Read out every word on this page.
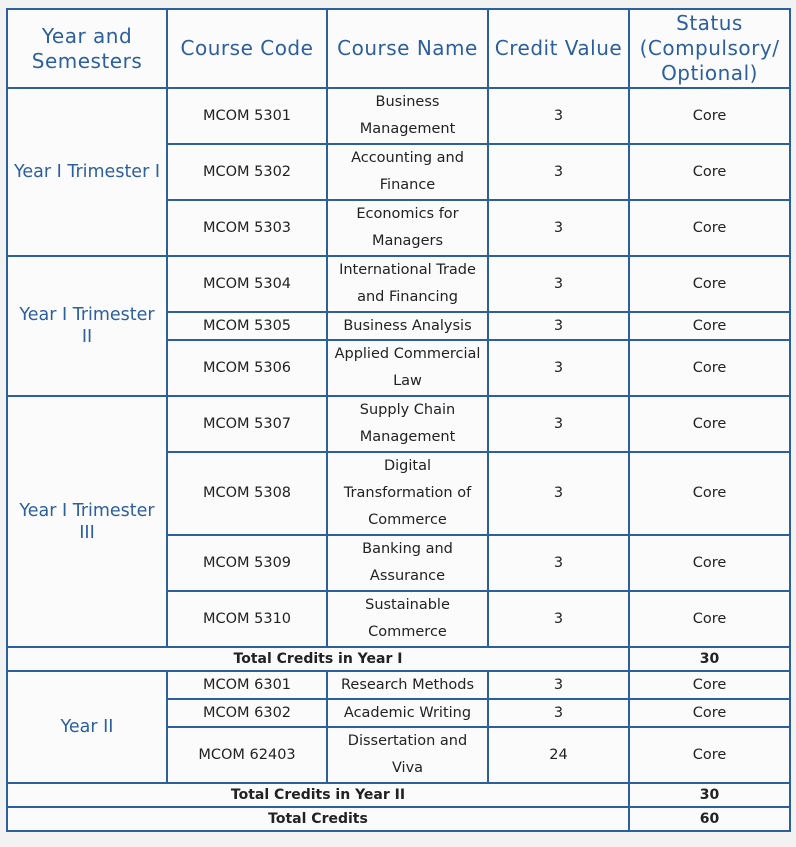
Year and Semesters	Course Code	Course Name	Credit Value	Status (Compulsory/ Optional)
Year I Trimester I	MCOM 5301	Business Management	3	Core
	MCOM 5302	Accounting and Finance	3	Core
	MCOM 5303	Economics for Managers	3	Core
Year I Trimester II	MCOM 5304	International Trade and Financing	3	Core
	MCOM 5305	Business Analysis	3	Core
	MCOM 5306	Applied Commercial Law	3	Core
Year I Trimester III	MCOM 5307	Supply Chain Management	3	Core
	MCOM 5308	Digital Transformation of Commerce	3	Core
	MCOM 5309	Banking and Assurance	3	Core
	MCOM 5310	Sustainable Commerce	3	Core
Total Credits in Year I				30
Year II	MCOM 6301	Research Methods	3	Core
	MCOM 6302	Academic Writing	3	Core
	MCOM 62403	Dissertation and Viva	24	Core
Total Credits in Year II				30
Total Credits				60
